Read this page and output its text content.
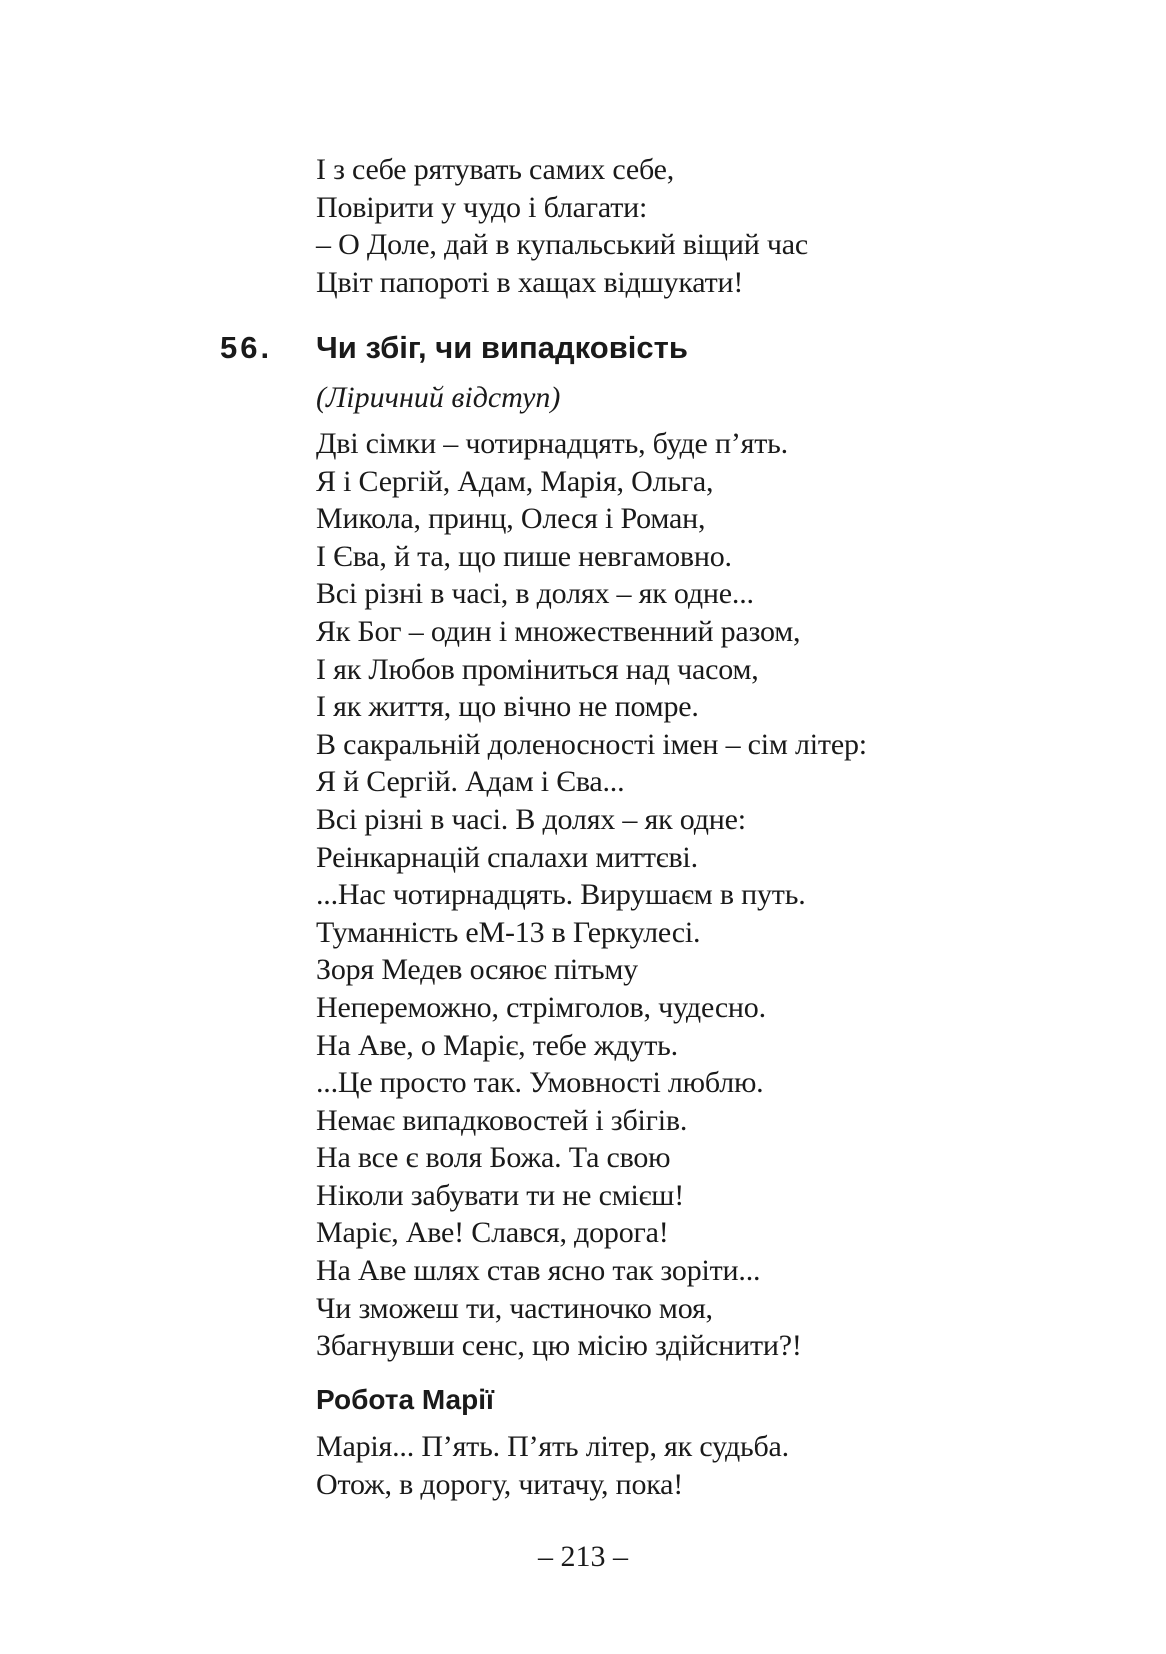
І з себе рятувать самих себе,
Повірити у чудо і благати:
– О Доле, дай в купальський віщий час
Цвіт папороті в хащах відшукати!
56. Чи збіг, чи випадковість
(Ліричний відступ)
Дві сімки – чотирнадцять, буде п’ять.
Я і Сергій, Адам, Марія, Ольга,
Микола, принц, Олеся і Роман,
І Єва, й та, що пише невгамовно.
Всі різні в часі, в долях – як одне...
Як Бог – один і множественний разом,
І як Любов проміниться над часом,
І як життя, що вічно не помре.
В сакральній доленосності імен – сім літер:
Я й Сергій. Адам і Єва...
Всі різні в часі. В долях – як одне:
Реінкарнацій спалахи миттєві.
...Нас чотирнадцять. Вирушаєм в путь.
Туманність еМ-13 в Геркулесі.
Зоря Медев осяює пітьму
Непереможно, стрімголов, чудесно.
На Аве, о Маріє, тебе ждуть.
...Це просто так. Умовності люблю.
Немає випадковостей і збігів.
На все є воля Божа. Та свою
Ніколи забувати ти не смієш!
Маріє, Аве! Слався, дорога!
На Аве шлях став ясно так зоріти...
Чи зможеш ти, частиночко моя,
Збагнувши сенс, цю місію здійснити?!
Робота Марії
Марія... П’ять. П’ять літер, як судьба.
Отож, в дорогу, читачу, пока!
– 213 –
